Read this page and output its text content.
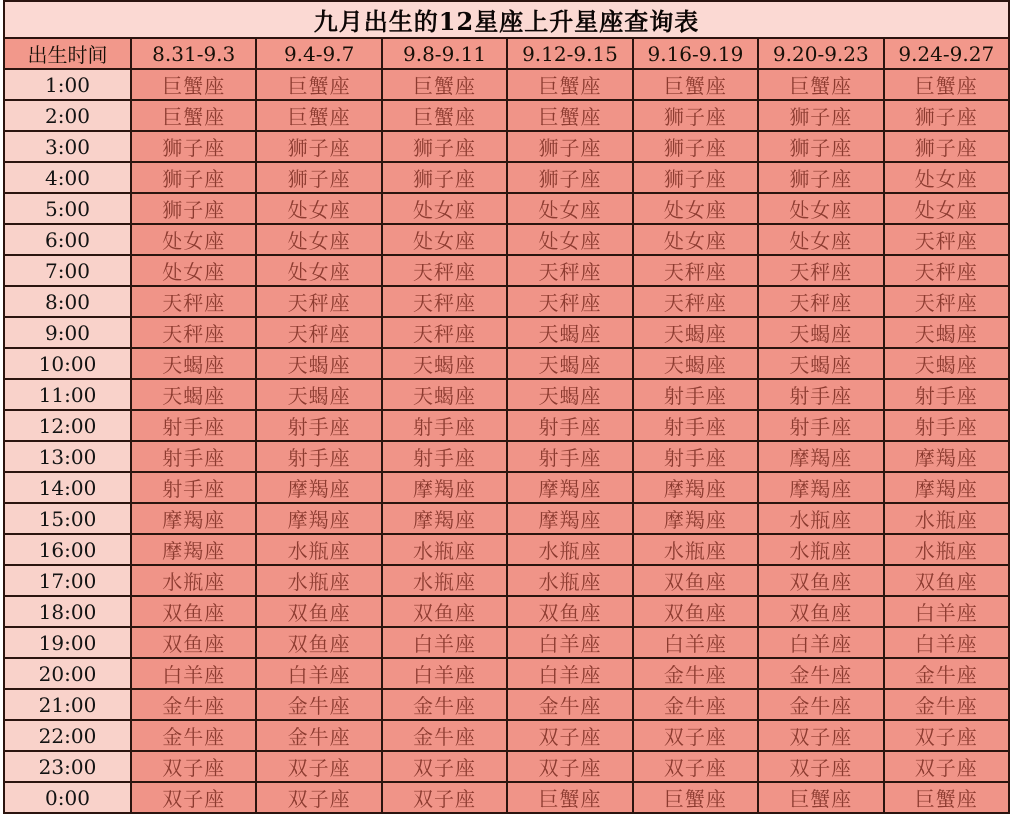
九月出生的12星座上升星座查询表							
出生时间	8.31-9.3	9.4-9.7	9.8-9.11	9.12-9.15	9.16-9.19	9.20-9.23	9.24-9.27
1:00	巨蟹座	巨蟹座	巨蟹座	巨蟹座	巨蟹座	巨蟹座	巨蟹座
2:00	巨蟹座	巨蟹座	巨蟹座	巨蟹座	狮子座	狮子座	狮子座
3:00	狮子座	狮子座	狮子座	狮子座	狮子座	狮子座	狮子座
4:00	狮子座	狮子座	狮子座	狮子座	狮子座	狮子座	处女座
5:00	狮子座	处女座	处女座	处女座	处女座	处女座	处女座
6:00	处女座	处女座	处女座	处女座	处女座	处女座	天秤座
7:00	处女座	处女座	天秤座	天秤座	天秤座	天秤座	天秤座
8:00	天秤座	天秤座	天秤座	天秤座	天秤座	天秤座	天秤座
9:00	天秤座	天秤座	天秤座	天蝎座	天蝎座	天蝎座	天蝎座
10:00	天蝎座	天蝎座	天蝎座	天蝎座	天蝎座	天蝎座	天蝎座
11:00	天蝎座	天蝎座	天蝎座	天蝎座	射手座	射手座	射手座
12:00	射手座	射手座	射手座	射手座	射手座	射手座	射手座
13:00	射手座	射手座	射手座	射手座	射手座	摩羯座	摩羯座
14:00	射手座	摩羯座	摩羯座	摩羯座	摩羯座	摩羯座	摩羯座
15:00	摩羯座	摩羯座	摩羯座	摩羯座	摩羯座	水瓶座	水瓶座
16:00	摩羯座	水瓶座	水瓶座	水瓶座	水瓶座	水瓶座	水瓶座
17:00	水瓶座	水瓶座	水瓶座	水瓶座	双鱼座	双鱼座	双鱼座
18:00	双鱼座	双鱼座	双鱼座	双鱼座	双鱼座	双鱼座	白羊座
19:00	双鱼座	双鱼座	白羊座	白羊座	白羊座	白羊座	白羊座
20:00	白羊座	白羊座	白羊座	白羊座	金牛座	金牛座	金牛座
21:00	金牛座	金牛座	金牛座	金牛座	金牛座	金牛座	金牛座
22:00	金牛座	金牛座	金牛座	双子座	双子座	双子座	双子座
23:00	双子座	双子座	双子座	双子座	双子座	双子座	双子座
0:00	双子座	双子座	双子座	巨蟹座	巨蟹座	巨蟹座	巨蟹座
